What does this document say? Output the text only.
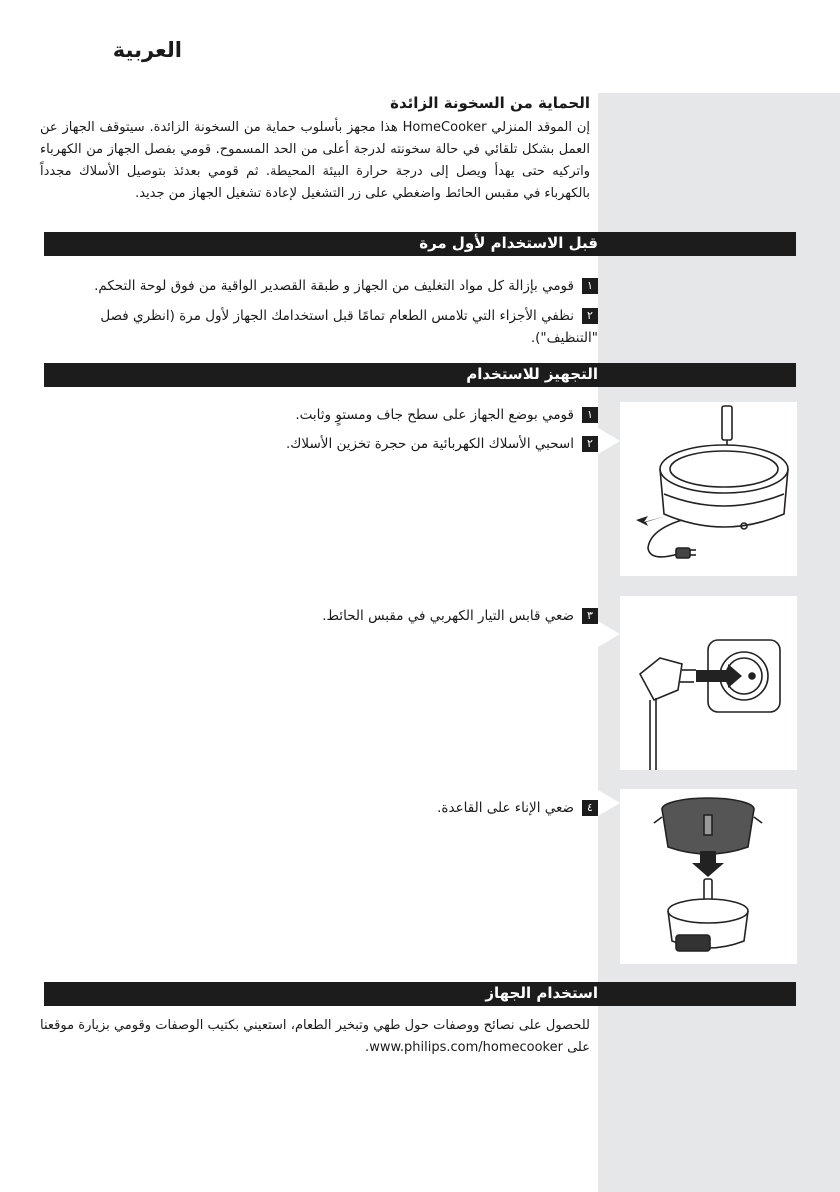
العربية
الحماية من السخونة الزائدة

إن الموقد المنزلي HomeCooker هذا مجهز بأسلوب حماية من السخونة الزائدة. سيتوقف الجهاز عن العمل بشكل تلقائي في حالة سخونته لدرجة أعلى من الحد المسموح. قومي بفصل الجهاز من الكهرباء واتركيه حتى يهدأ ويصل إلى درجة حرارة البيئة المحيطة. ثم قومي بعدئذ بتوصيل الأسلاك مجدداً بالكهرباء في مقبس الحائط واضغطي على زر التشغيل لإعادة تشغيل الجهاز من جديد.

قبل الاستخدام لأول مرة

١قومي بإزالة كل مواد التغليف من الجهاز و طبقة القصدير الواقية من فوق لوحة التحكم.

٢نظفي الأجزاء التي تلامس الطعام تمامًا قبل استخدامك الجهاز لأول مرة (انظري فصل "التنظيف").

التجهيز للاستخدام

١قومي بوضع الجهاز على سطح جاف ومستوٍ وثابت.

٢اسحبي الأسلاك الكهربائية من حجرة تخزين الأسلاك.

٣ضعي قابس التيار الكهربي في مقبس الحائط.

٤ضعي الإناء على القاعدة.

استخدام الجهاز

للحصول على نصائح ووصفات حول طهي وتبخير الطعام، استعيني بكتيب الوصفات وقومي بزيارة موقعنا على www.philips.com/homecooker.
